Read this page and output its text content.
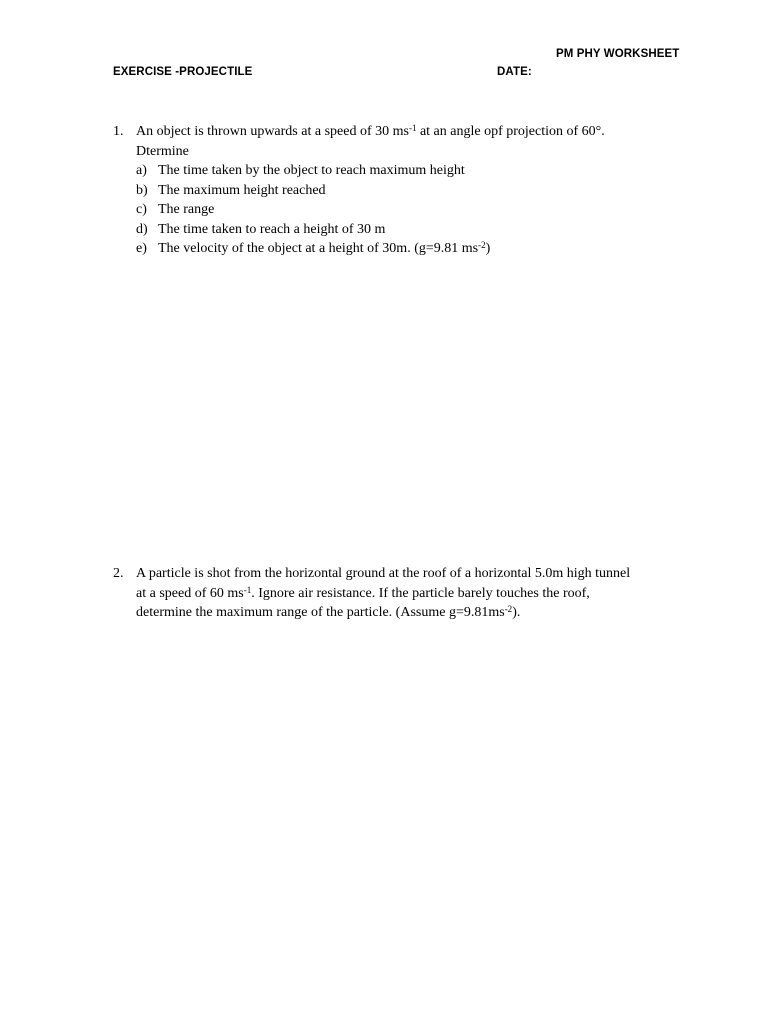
PM PHY WORKSHEET
EXERCISE -PROJECTILE	DATE:
1. An object is thrown upwards at a speed of 30 $ms^{-1}$ at an angle opf projection of 60°.
Dtermine
a) The time taken by the object to reach maximum height
b) The maximum height reached
c) The range
d) The time taken to reach a height of 30 m
e) The velocity of the object at a height of 30m. (g=9.81 $ms^{-2}$)
2. A particle is shot from the horizontal ground at the roof of a horizontal 5.0m high tunnel
at a speed of 60 $ms^{-1}$. Ignore air resistance. If the particle barely touches the roof,
determine the maximum range of the particle. (Assume $g=9.81ms^{-2}$).
